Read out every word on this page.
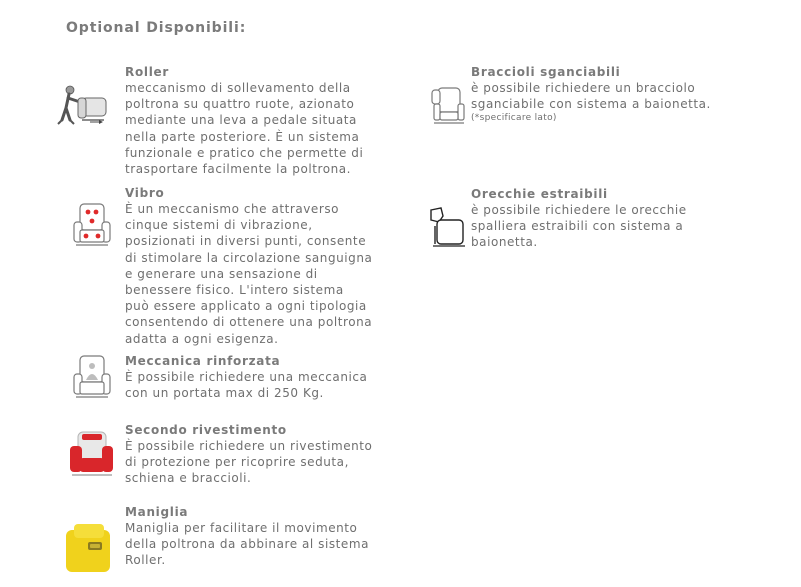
Optional Disponibili:
Roller

meccanismo di sollevamento della
poltrona su quattro ruote, azionato
mediante una leva a pedale situata
nella parte posteriore. È un sistema
funzionale e pratico che permette di
trasportare facilmente la poltrona.

Vibro

È un meccanismo che attraverso
cinque sistemi di vibrazione,
posizionati in diversi punti, consente
di stimolare la circolazione sanguigna
e generare una sensazione di
benessere fisico. L'intero sistema
può essere applicato a ogni tipologia
consentendo di ottenere una poltrona
adatta a ogni esigenza.

Meccanica rinforzata

È possibile richiedere una meccanica
con un portata max di 250 Kg.

Secondo rivestimento

È possibile richiedere un rivestimento
di protezione per ricoprire seduta,
schiena e braccioli.

Maniglia

Maniglia per facilitare il movimento
della poltrona da abbinare al sistema
Roller.

Braccioli sganciabili

è possibile richiedere un bracciolo
sganciabile con sistema a baionetta.
(*specificare lato)

Orecchie estraibili

è possibile richiedere le orecchie
spalliera estraibili con sistema a
baionetta.
